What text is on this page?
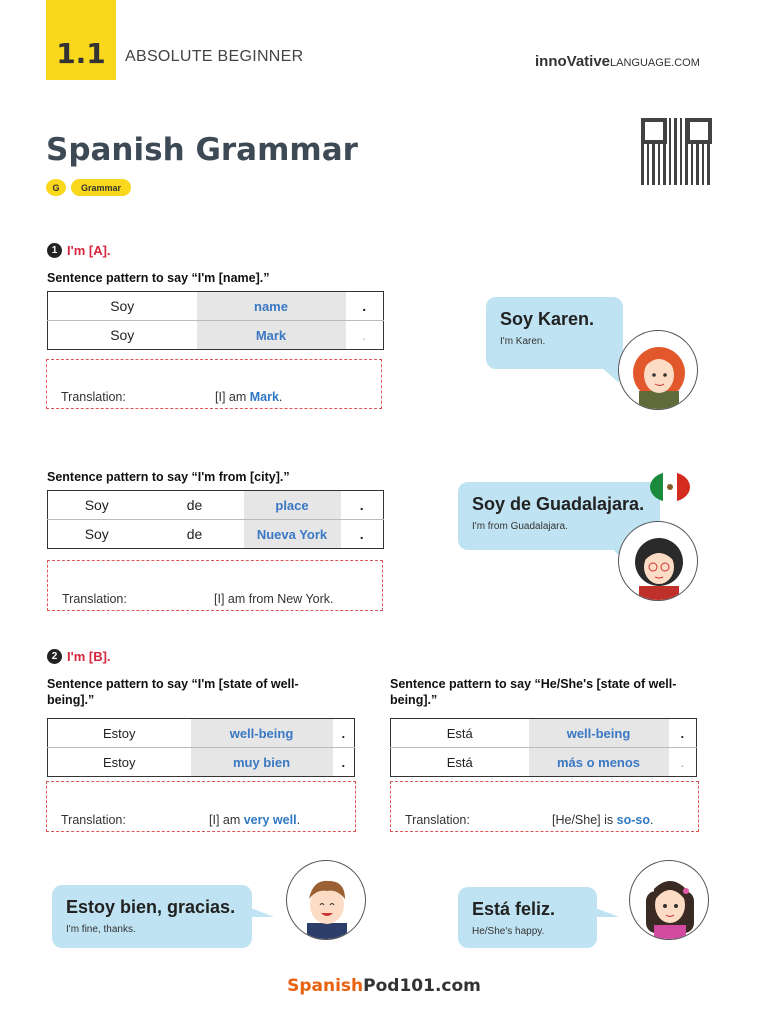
1.1	ABSOLUTE BEGINNER	innoVativeLANGUAGE.COM
Spanish Grammar
G	Grammar
1 I'm [A].
Sentence pattern to say “I'm [name].”
Soy	name	.
Soy	Mark	.
Translation:	[I] am Mark.
Sentence pattern to say “I'm from [city].”
Soy	de	place	.
Soy	de	Nueva York	.
Translation:	[I] am from New York.
Soy Karen.
I'm Karen.
Soy de Guadalajara.
I'm from Guadalajara.
2 I'm [B].
Sentence pattern to say “I'm [state of well-being].”
Sentence pattern to say “He/She's [state of well-being].”
Estoy	well-being	.
Estoy	muy bien	.
Está	well-being	.
Está	más o menos	.
Translation:	[I] am very well.	Translation:	[He/She] is so-so.
Estoy bien, gracias.
I'm fine, thanks.
Está feliz.
He/She's happy.
SpanishPod101.com
